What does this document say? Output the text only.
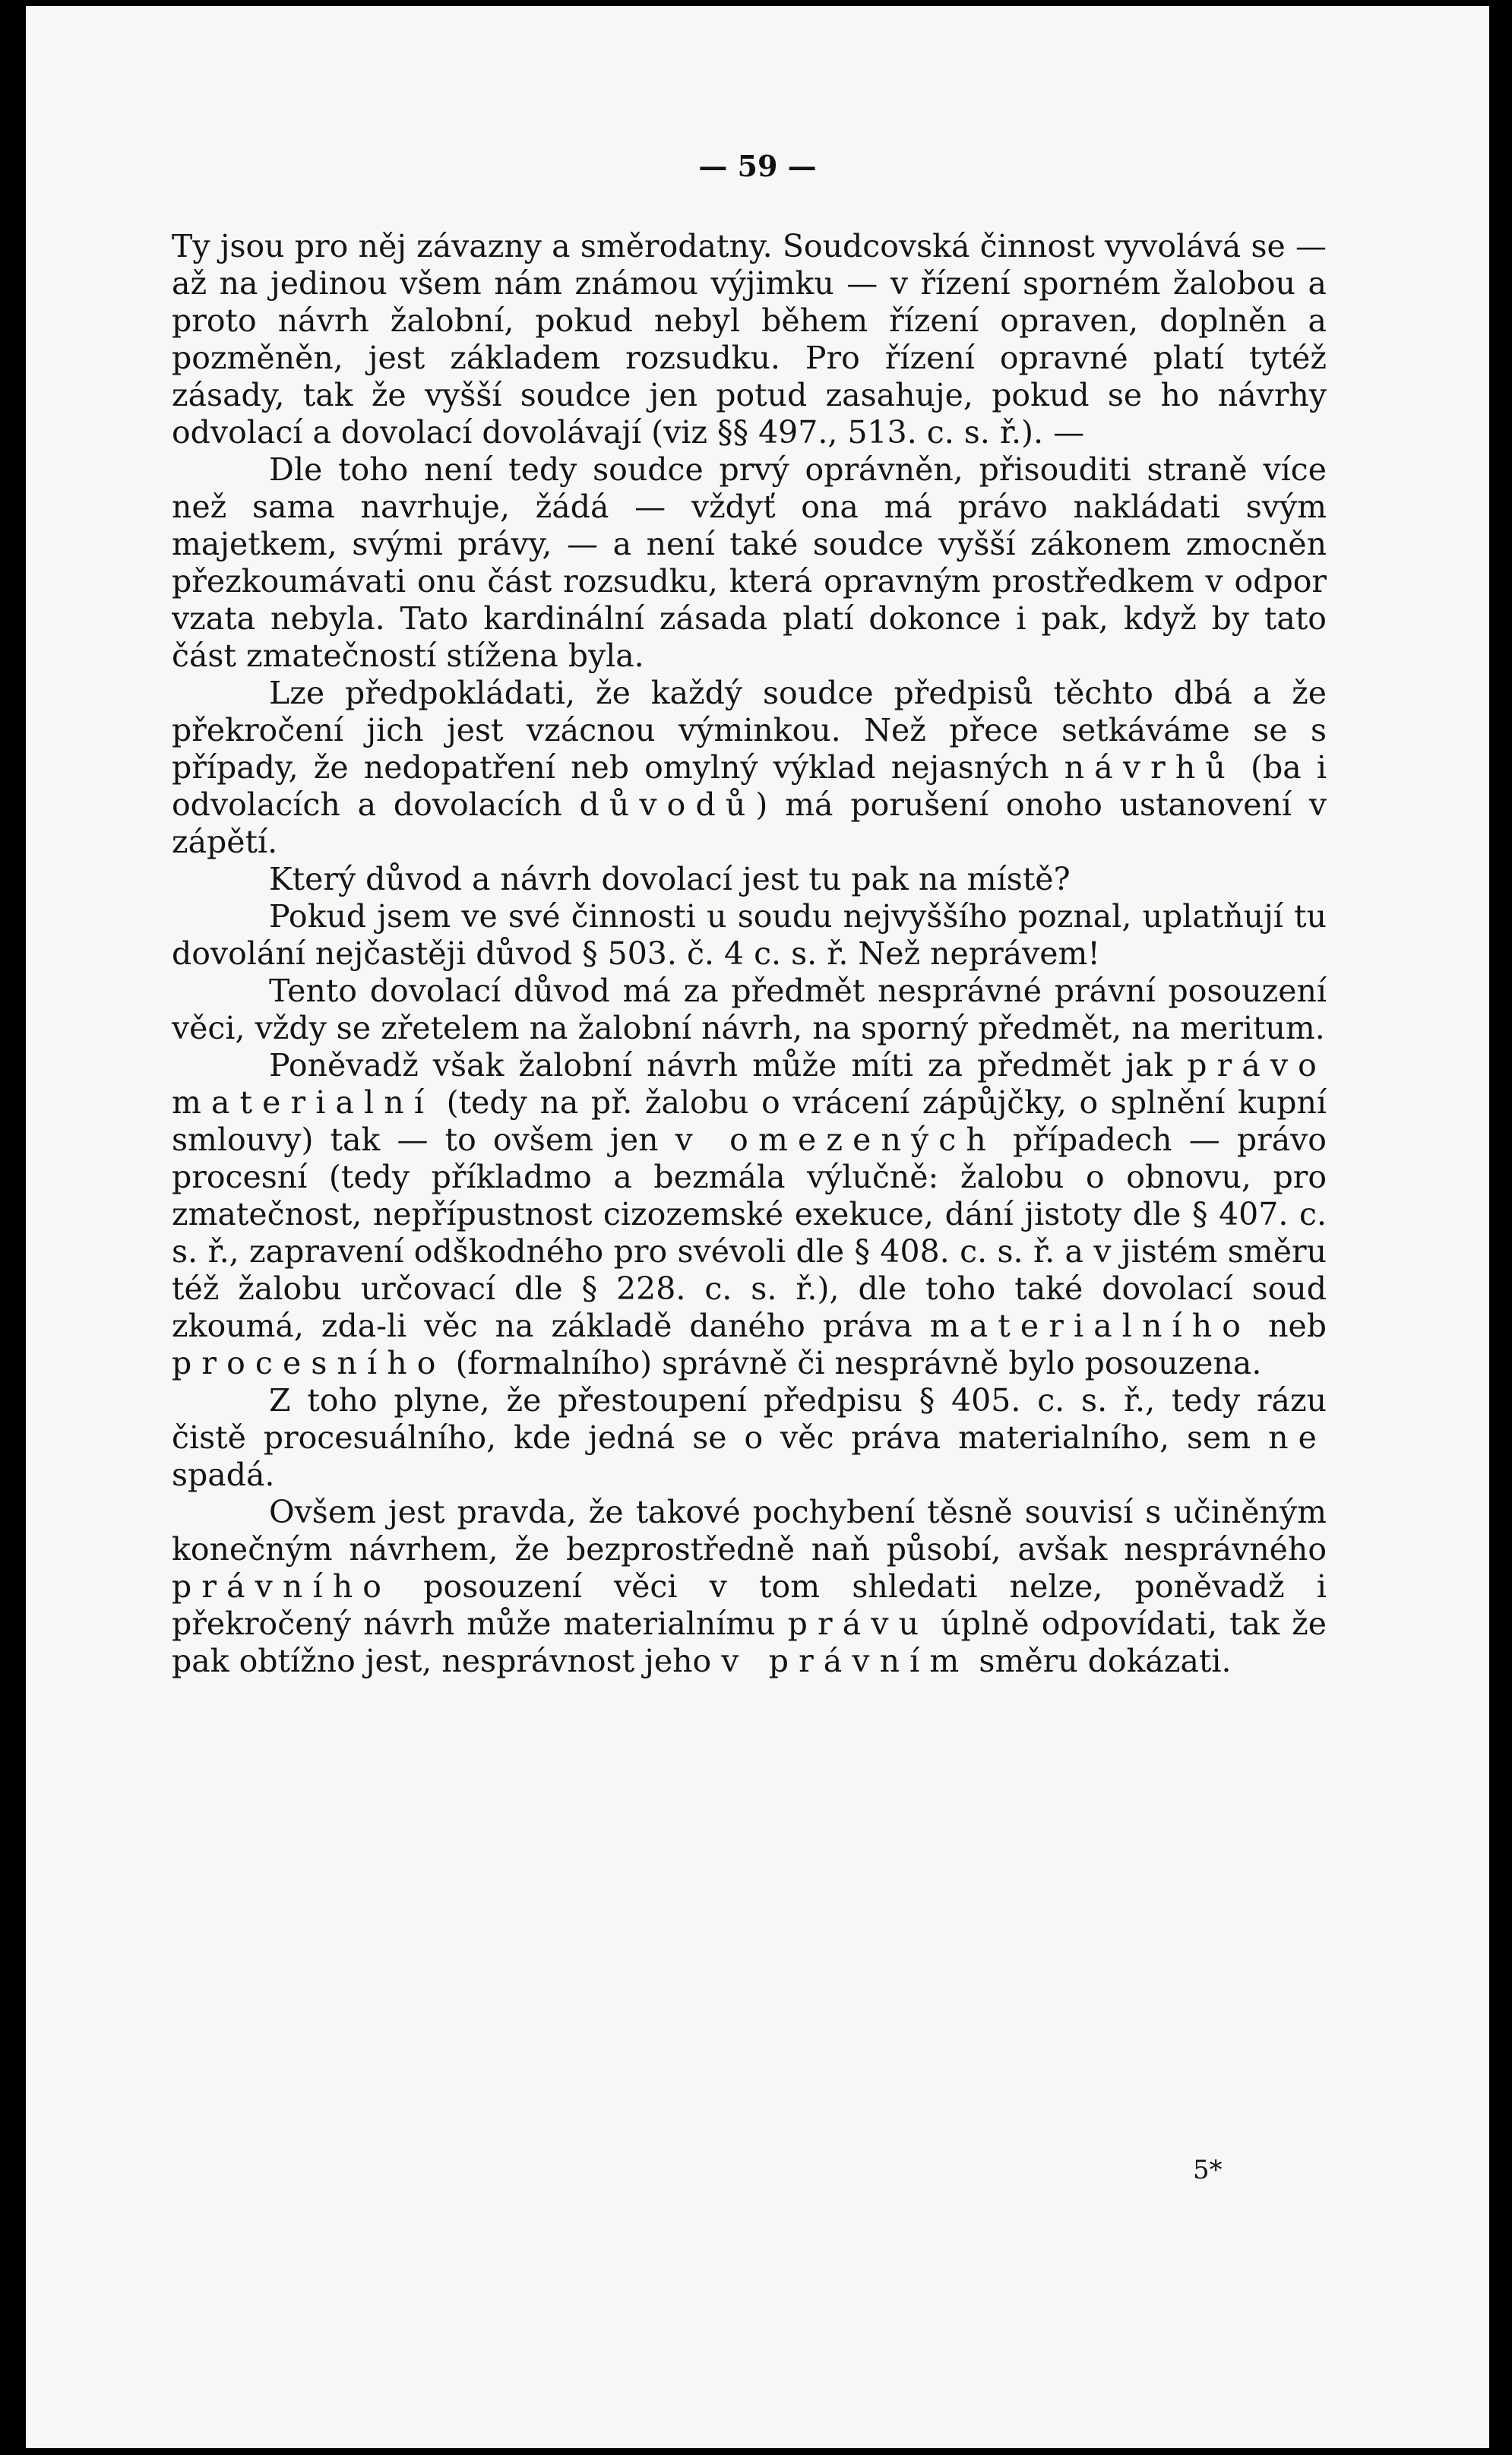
— 59 —

Ty jsou pro něj závazny a směrodatny. Soudcovská činnost vyvolává se — až na jedinou všem nám známou výjimku — v řízení sporném žalobou a proto návrh žalobní, pokud nebyl během řízení opraven, doplněn a pozměněn, jest základem rozsudku. Pro řízení opravné platí tytéž zásady, tak že vyšší soudce jen potud zasahuje, pokud se ho návrhy odvolací a dovolací dovolávají (viz §§ 497., 513. c. s. ř.). —

Dle toho není tedy soudce prvý oprávněn, přisouditi straně více než sama navrhuje, žádá — vždyť ona má právo nakládati svým majetkem, svými právy, — a není také soudce vyšší zákonem zmocněn přezkoumávati onu část rozsudku, která opravným prostředkem v odpor vzata nebyla. Tato kardinální zásada platí dokonce i pak, když by tato část zmatečností stížena byla.

Lze předpokládati, že každý soudce předpisů těchto dbá a že překročení jich jest vzácnou výminkou. Než přece setkáváme se s případy, že nedopatření neb omylný výklad nejasných návrhů (ba i odvolacích a dovolacích důvodů) má porušení onoho ustanovení v zápětí.

Který důvod a návrh dovolací jest tu pak na místě?

Pokud jsem ve své činnosti u soudu nejvyššího poznal, uplatňují tu dovolání nejčastěji důvod § 503. č. 4 c. s. ř. Než neprávem!

Tento dovolací důvod má za předmět nesprávné právní posouzení věci, vždy se zřetelem na žalobní návrh, na sporný předmět, na meritum.

Poněvadž však žalobní návrh může míti za předmět jak právo materialní (tedy na př. žalobu o vrácení zápůjčky, o splnění kupní smlouvy) tak — to ovšem jen v omezených případech — právo procesní (tedy příkladmo a bezmála výlučně: žalobu o obnovu, pro zmatečnost, nepřípustnost cizozemské exekuce, dání jistoty dle § 407. c. s. ř., zapravení odškodného pro svévoli dle § 408. c. s. ř. a v jistém směru též žalobu určovací dle § 228. c. s. ř.), dle toho také dovolací soud zkoumá, zda-li věc na základě daného práva materialního neb procesního (formalního) správně či nesprávně bylo posouzena.

Z toho plyne, že přestoupení předpisu § 405. c. s. ř., tedy rázu čistě procesuálního, kde jedná se o věc práva materialního, sem ne spadá.

Ovšem jest pravda, že takové pochybení těsně souvisí s učiněným konečným návrhem, že bezprostředně naň působí, avšak nesprávného právního posouzení věci v tom shledati nelze, poněvadž i překročený návrh může materialnímu právu úplně odpovídati, tak že pak obtížno jest, nesprávnost jeho v právním směru dokázati.

5*
